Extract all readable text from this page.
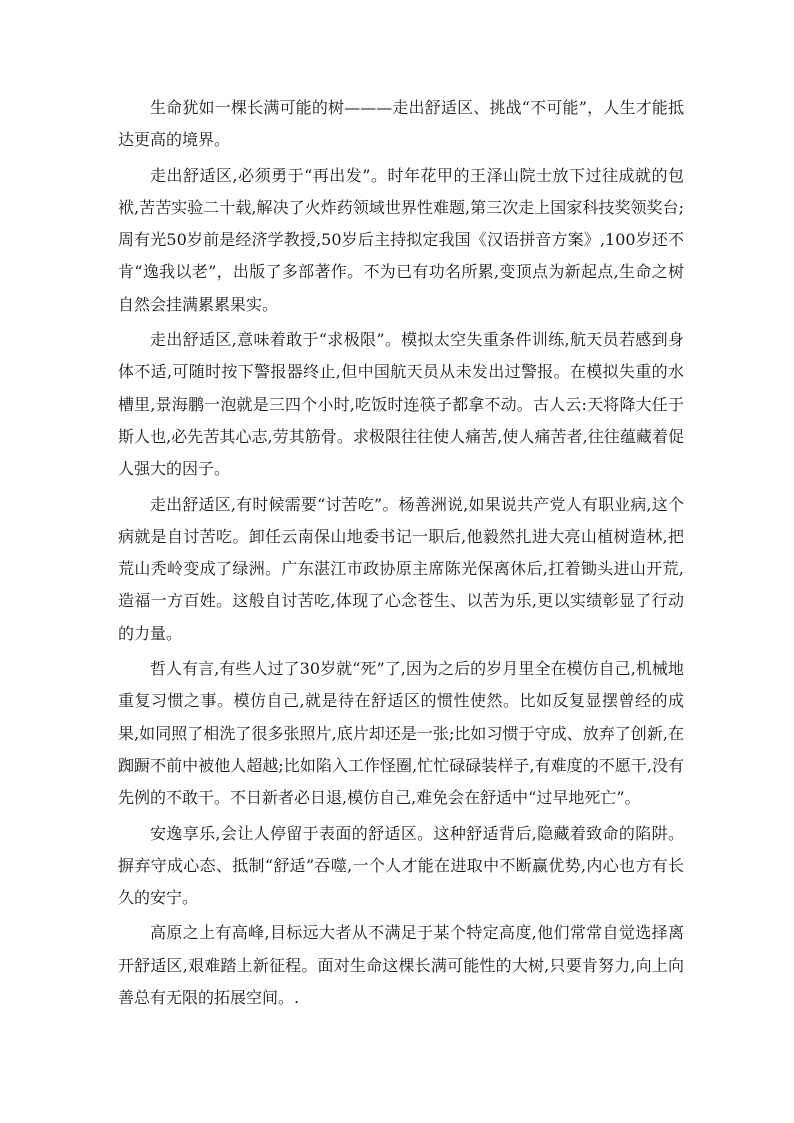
生命犹如一棵长满可能的树———走出舒适区、挑战“不可能”，人生才能抵达更高的境界。

走出舒适区,必须勇于“再出发”。时年花甲的王泽山院士放下过往成就的包袱,苦苦实验二十载,解决了火炸药领域世界性难题,第三次走上国家科技奖领奖台;周有光50岁前是经济学教授,50岁后主持拟定我国《汉语拼音方案》,100岁还不肯“逸我以老”，出版了多部著作。不为已有功名所累,变顶点为新起点,生命之树自然会挂满累累果实。

走出舒适区,意味着敢于“求极限”。模拟太空失重条件训练,航天员若感到身体不适,可随时按下警报器终止,但中国航天员从未发出过警报。在模拟失重的水槽里,景海鹏一泡就是三四个小时,吃饭时连筷子都拿不动。古人云:天将降大任于斯人也,必先苦其心志,劳其筋骨。求极限往往使人痛苦,使人痛苦者,往往蕴藏着促人强大的因子。

走出舒适区,有时候需要“讨苦吃”。杨善洲说,如果说共产党人有职业病,这个病就是自讨苦吃。卸任云南保山地委书记一职后,他毅然扎进大亮山植树造林,把荒山秃岭变成了绿洲。广东湛江市政协原主席陈光保离休后,扛着锄头进山开荒,造福一方百姓。这般自讨苦吃,体现了心念苍生、以苦为乐,更以实绩彰显了行动的力量。

哲人有言,有些人过了30岁就“死”了,因为之后的岁月里全在模仿自己,机械地重复习惯之事。模仿自己,就是待在舒适区的惯性使然。比如反复显摆曾经的成果,如同照了相洗了很多张照片,底片却还是一张;比如习惯于守成、放弃了创新,在踟蹰不前中被他人超越;比如陷入工作怪圈,忙忙碌碌装样子,有难度的不愿干,没有先例的不敢干。不日新者必日退,模仿自己,难免会在舒适中“过早地死亡”。

安逸享乐,会让人停留于表面的舒适区。这种舒适背后,隐藏着致命的陷阱。摒弃守成心态、抵制“舒适”吞噬,一个人才能在进取中不断赢优势,内心也方有长久的安宁。

高原之上有高峰,目标远大者从不满足于某个特定高度,他们常常自觉选择离开舒适区,艰难踏上新征程。面对生命这棵长满可能性的大树,只要肯努力,向上向善总有无限的拓展空间。.
